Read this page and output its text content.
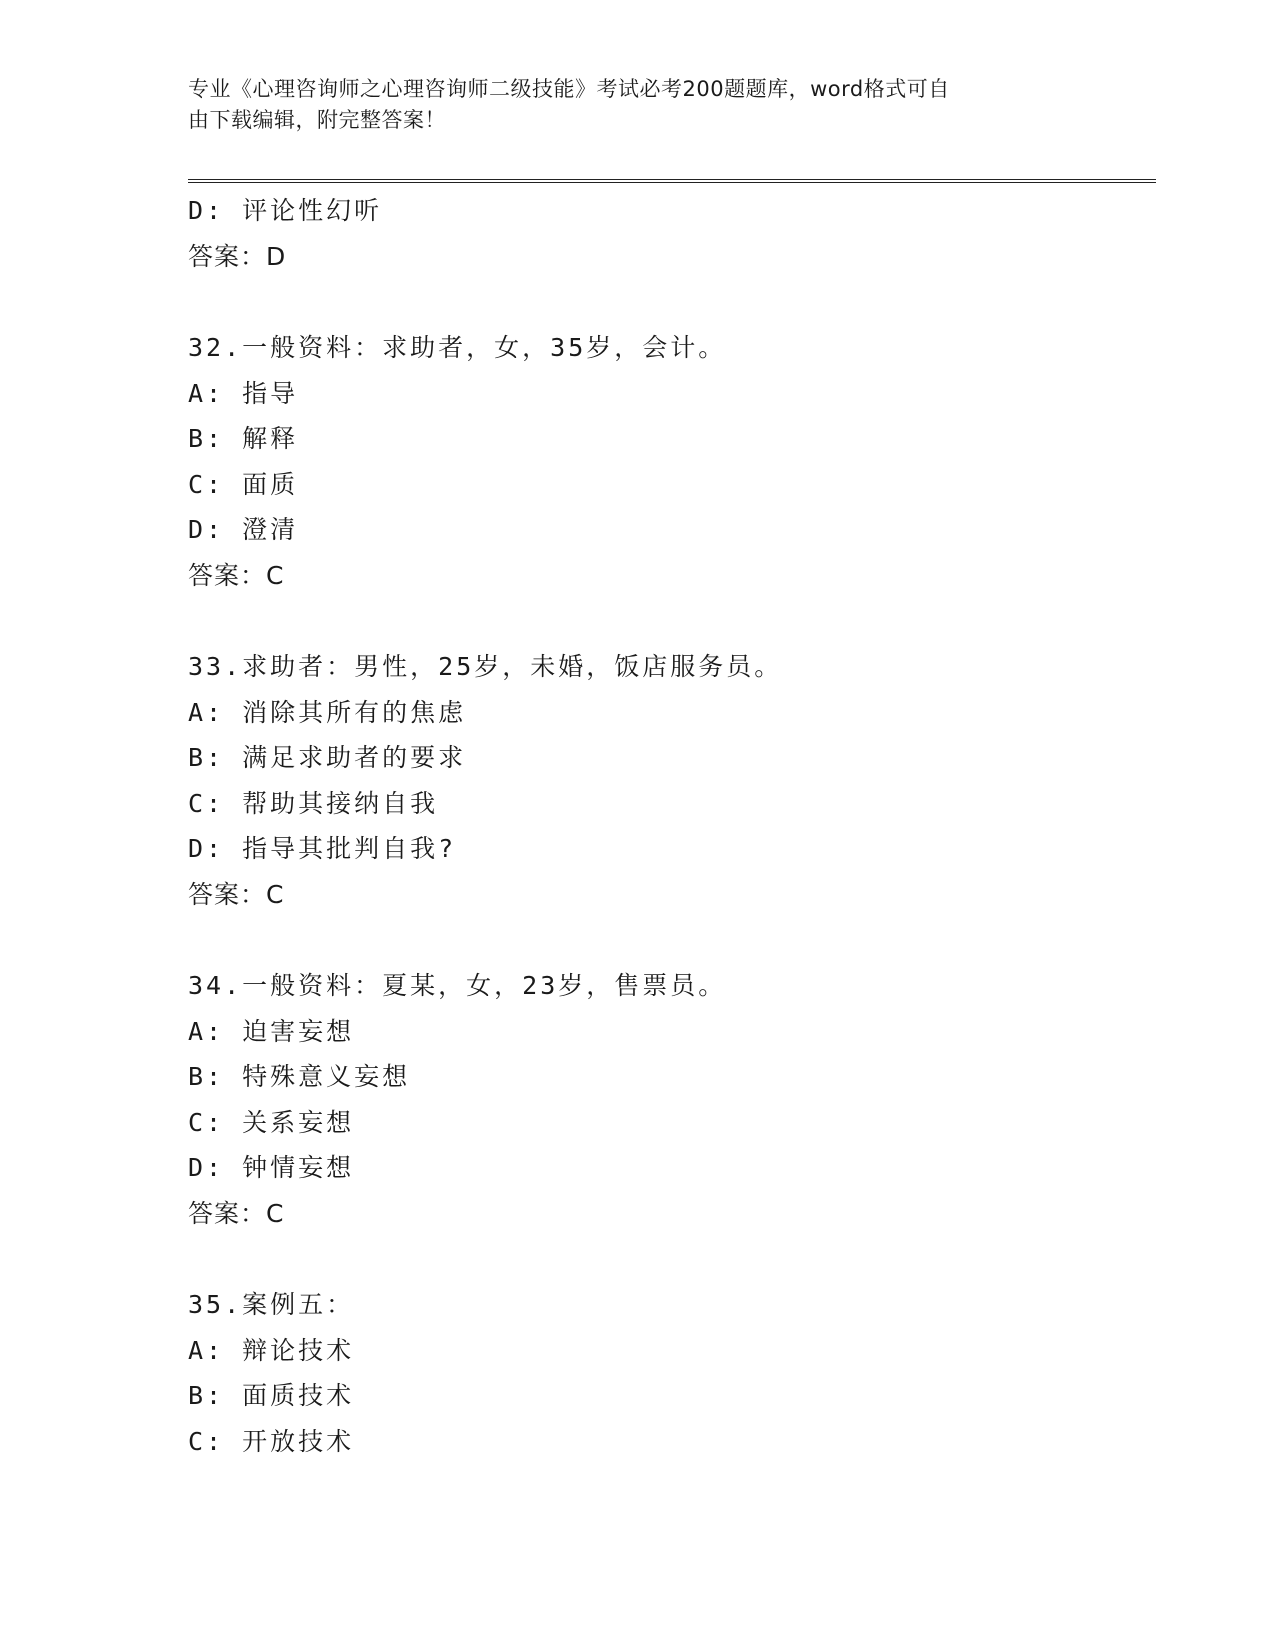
专业《心理咨询师之心理咨询师二级技能》考试必考200题题库，word格式可自
由下载编辑，附完整答案！
D: 评论性幻听
答案：D
32.一般资料：求助者，女，35岁，会计。
A: 指导
B: 解释
C: 面质
D: 澄清
答案：C
33.求助者：男性，25岁，未婚，饭店服务员。
A: 消除其所有的焦虑
B: 满足求助者的要求
C: 帮助其接纳自我
D: 指导其批判自我?
答案：C
34.一般资料：夏某，女，23岁，售票员。
A: 迫害妄想
B: 特殊意义妄想
C: 关系妄想
D: 钟情妄想
答案：C
35.案例五：
A: 辩论技术
B: 面质技术
C: 开放技术
